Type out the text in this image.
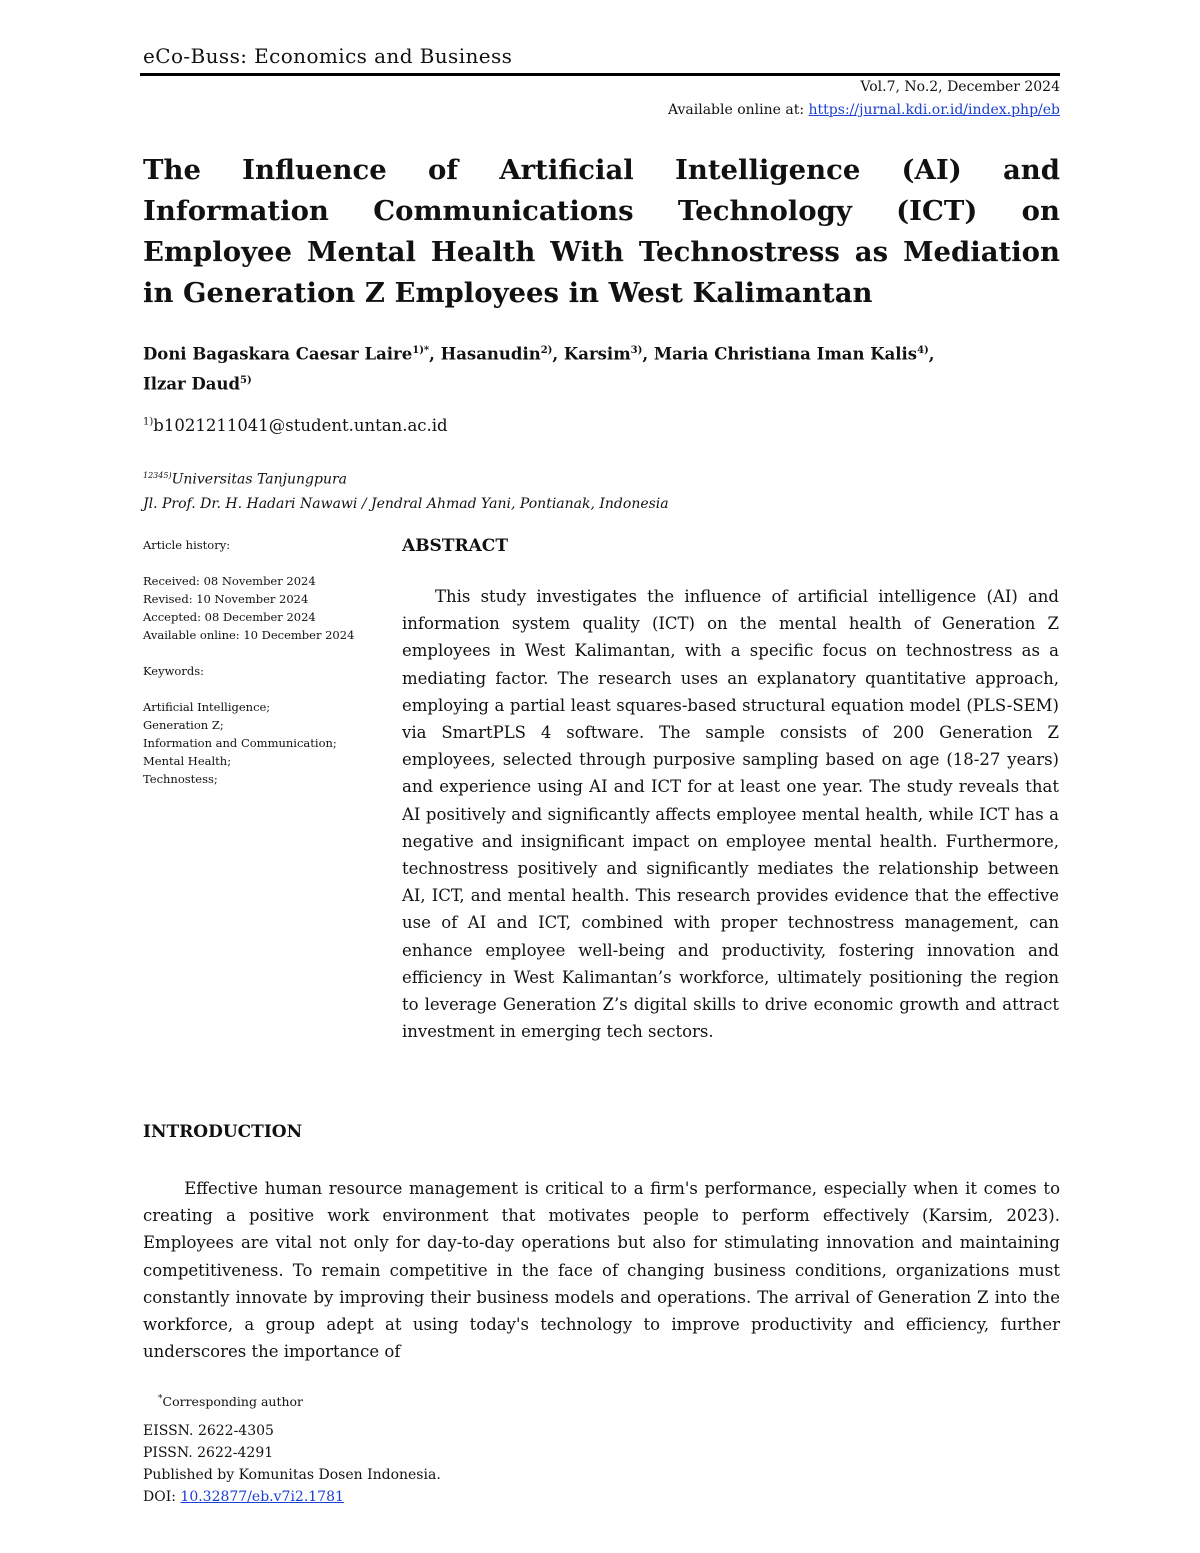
eCo-Buss: Economics and Business
Vol.7, No.2, December 2024
Available online at: https://jurnal.kdi.or.id/index.php/eb
The Influence of Artificial Intelligence (AI) and Information Communications Technology (ICT) on Employee Mental Health With Technostress as Mediation in Generation Z Employees in West Kalimantan
Doni Bagaskara Caesar Laire$^{1)*}$, Hasanudin$^{2)}$, Karsim$^{3)}$, Maria Christiana Iman Kalis$^{4)}$,
Ilzar Daud$^{5)}$
$^{1)}$b1021211041@student.untan.ac.id
$^{12345)}$Universitas Tanjungpura
Jl. Prof. Dr. H. Hadari Nawawi / Jendral Ahmad Yani, Pontianak, Indonesia

Article history:

Received: 08 November 2024

Revised: 10 November 2024

Accepted: 08 December 2024

Available online: 10 December 2024

Keywords:

Artificial Intelligence;

Generation Z;

Information and Communication;

Mental Health;

Technostess;

ABSTRACT

  This study investigates the influence of artificial intelligence (AI) and information system quality (ICT) on the mental health of Generation Z employees in West Kalimantan, with a specific focus on technostress as a mediating factor. The research uses an explanatory quantitative approach, employing a partial least squares-based structural equation model (PLS-SEM) via SmartPLS 4 software. The sample consists of 200 Generation Z employees, selected through purposive sampling based on age (18-27 years) and experience using AI and ICT for at least one year. The study reveals that AI positively and significantly affects employee mental health, while ICT has a negative and insignificant impact on employee mental health. Furthermore, technostress positively and significantly mediates the relationship between AI, ICT, and mental health. This research provides evidence that the effective use of AI and ICT, combined with proper technostress management, can enhance employee well-being and productivity, fostering innovation and efficiency in West Kalimantan’s workforce, ultimately positioning the region to leverage Generation Z’s digital skills to drive economic growth and attract investment in emerging tech sectors.

INTRODUCTION

   Effective human resource management is critical to a firm's performance, especially when it comes to creating a positive work environment that motivates people to perform effectively (Karsim, 2023). Employees are vital not only for day-to-day operations but also for stimulating innovation and maintaining competitiveness. To remain competitive in the face of changing business conditions, organizations must constantly innovate by improving their business models and operations. The arrival of Generation Z into the workforce, a group adept at using today's technology to improve productivity and efficiency, further underscores the importance of

*Corresponding author
EISSN. 2622-4305
PISSN. 2622-4291
Published by Komunitas Dosen Indonesia.
DOI: 10.32877/eb.v7i2.1781
